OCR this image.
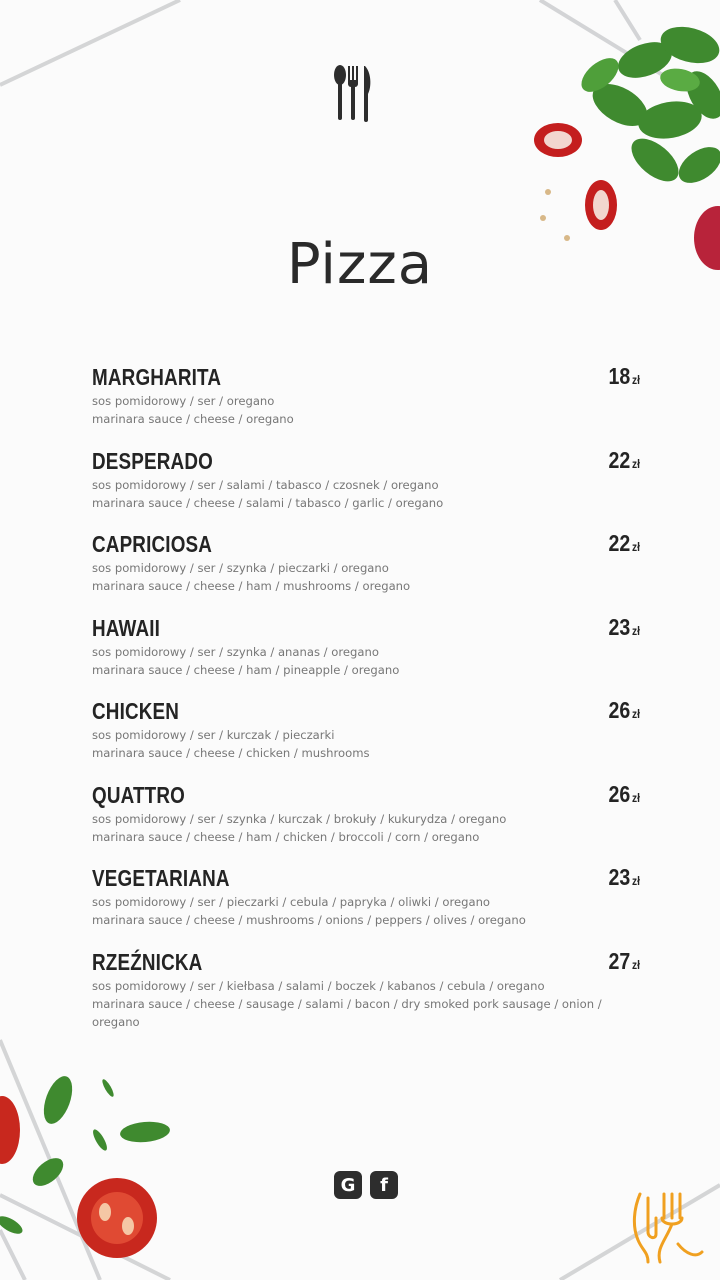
Pizza
MARGHARITA	18 zł
sos pomidorowy / ser / oregano
marinara sauce / cheese / oregano
DESPERADO	22 zł
sos pomidorowy / ser / salami / tabasco / czosnek / oregano
marinara sauce / cheese / salami / tabasco / garlic / oregano
CAPRICIOSA	22 zł
sos pomidorowy / ser / szynka / pieczarki / oregano
marinara sauce / cheese / ham / mushrooms / oregano
HAWAII	23 zł
sos pomidorowy / ser / szynka / ananas / oregano
marinara sauce / cheese / ham / pineapple / oregano
CHICKEN	26 zł
sos pomidorowy / ser / kurczak / pieczarki
marinara sauce / cheese / chicken / mushrooms
QUATTRO	26 zł
sos pomidorowy / ser / szynka / kurczak / brokuły / kukurydza / oregano
marinara sauce / cheese / ham / chicken / broccoli / corn / oregano
VEGETARIANA	23 zł
sos pomidorowy / ser / pieczarki / cebula / papryka / oliwki / oregano
marinara sauce / cheese / mushrooms / onions / peppers / olives / oregano
RZEŹNICKA	27 zł
sos pomidorowy / ser / kiełbasa / salami / boczek / kabanos / cebula / oregano
marinara sauce / cheese / sausage / salami / bacon / dry smoked pork sausage / onion / oregano
G	f
